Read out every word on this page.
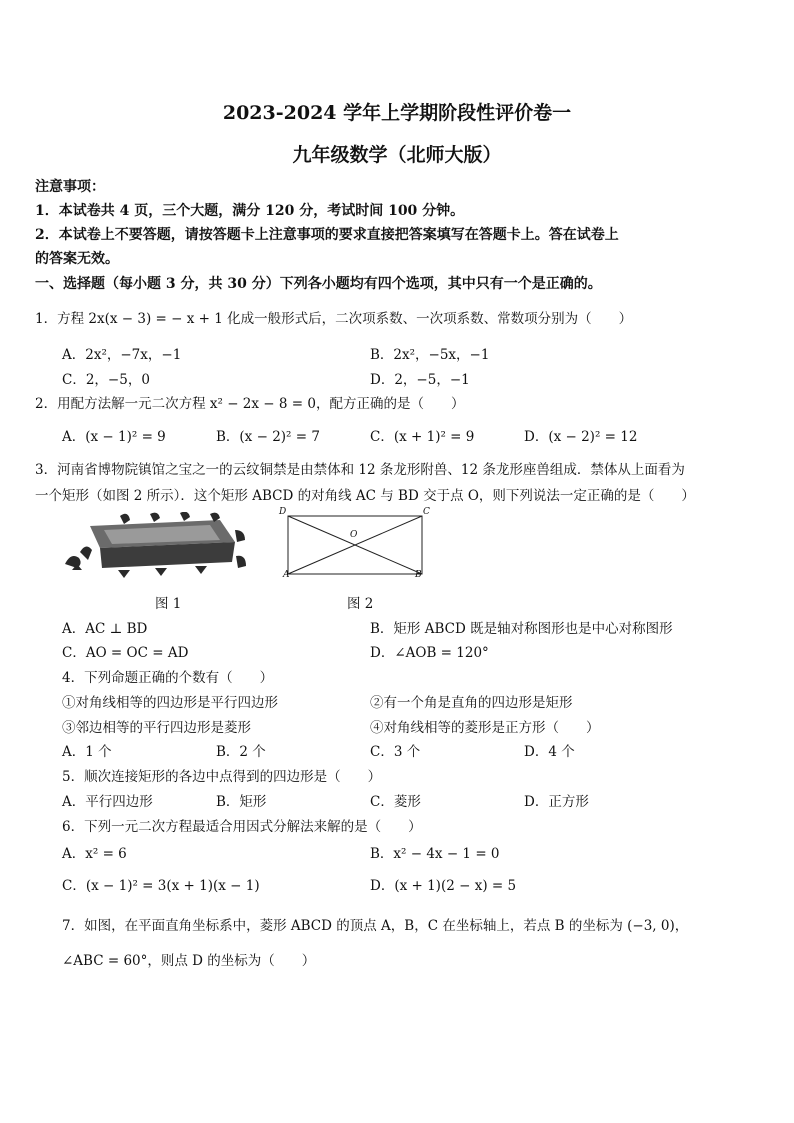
2023-2024 学年上学期阶段性评价卷一
九年级数学（北师大版）
注意事项：
1．本试卷共 4 页，三个大题，满分 120 分，考试时间 100 分钟。
2．本试卷上不要答题，请按答题卡上注意事项的要求直接把答案填写在答题卡上。答在试卷上
的答案无效。
一、选择题（每小题 3 分，共 30 分）下列各小题均有四个选项，其中只有一个是正确的。
1．方程 2x(x − 3) = − x + 1 化成一般形式后，二次项系数、一次项系数、常数项分别为（　　）
A．2x²，−7x，−1	B．2x²，−5x，−1
C．2，−5，0	D．2，−5，−1
2．用配方法解一元二次方程 x² − 2x − 8 = 0，配方正确的是（　　）
A．(x − 1)² = 9	B．(x − 2)² = 7	C．(x + 1)² = 9	D．(x − 2)² = 12
3．河南省博物院镇馆之宝之一的云纹铜禁是由禁体和 12 条龙形附兽、12 条龙形座兽组成．禁体从上面看为
一个矩形（如图 2 所示）．这个矩形 ABCD 的对角线 AC 与 BD 交于点 O，则下列说法一定正确的是（　　）
D	C
A	B
O
图 1	图 2
A．AC ⊥ BD	B．矩形 ABCD 既是轴对称图形也是中心对称图形
C．AO = OC = AD	D．∠AOB = 120°
4．下列命题正确的个数有（　　）
①对角线相等的四边形是平行四边形	②有一个角是直角的四边形是矩形
③邻边相等的平行四边形是菱形	④对角线相等的菱形是正方形（　　）
A．1 个	B．2 个	C．3 个	D．4 个
5．顺次连接矩形的各边中点得到的四边形是（　　）
A．平行四边形	B．矩形	C．菱形	D．正方形
6．下列一元二次方程最适合用因式分解法来解的是（　　）
A．x² = 6	B．x² − 4x − 1 = 0
C．(x − 1)² = 3(x + 1)(x − 1)	D．(x + 1)(2 − x) = 5
7．如图，在平面直角坐标系中，菱形 ABCD 的顶点 A，B，C 在坐标轴上，若点 B 的坐标为 (−3, 0)，
∠ABC = 60°，则点 D 的坐标为（　　）
